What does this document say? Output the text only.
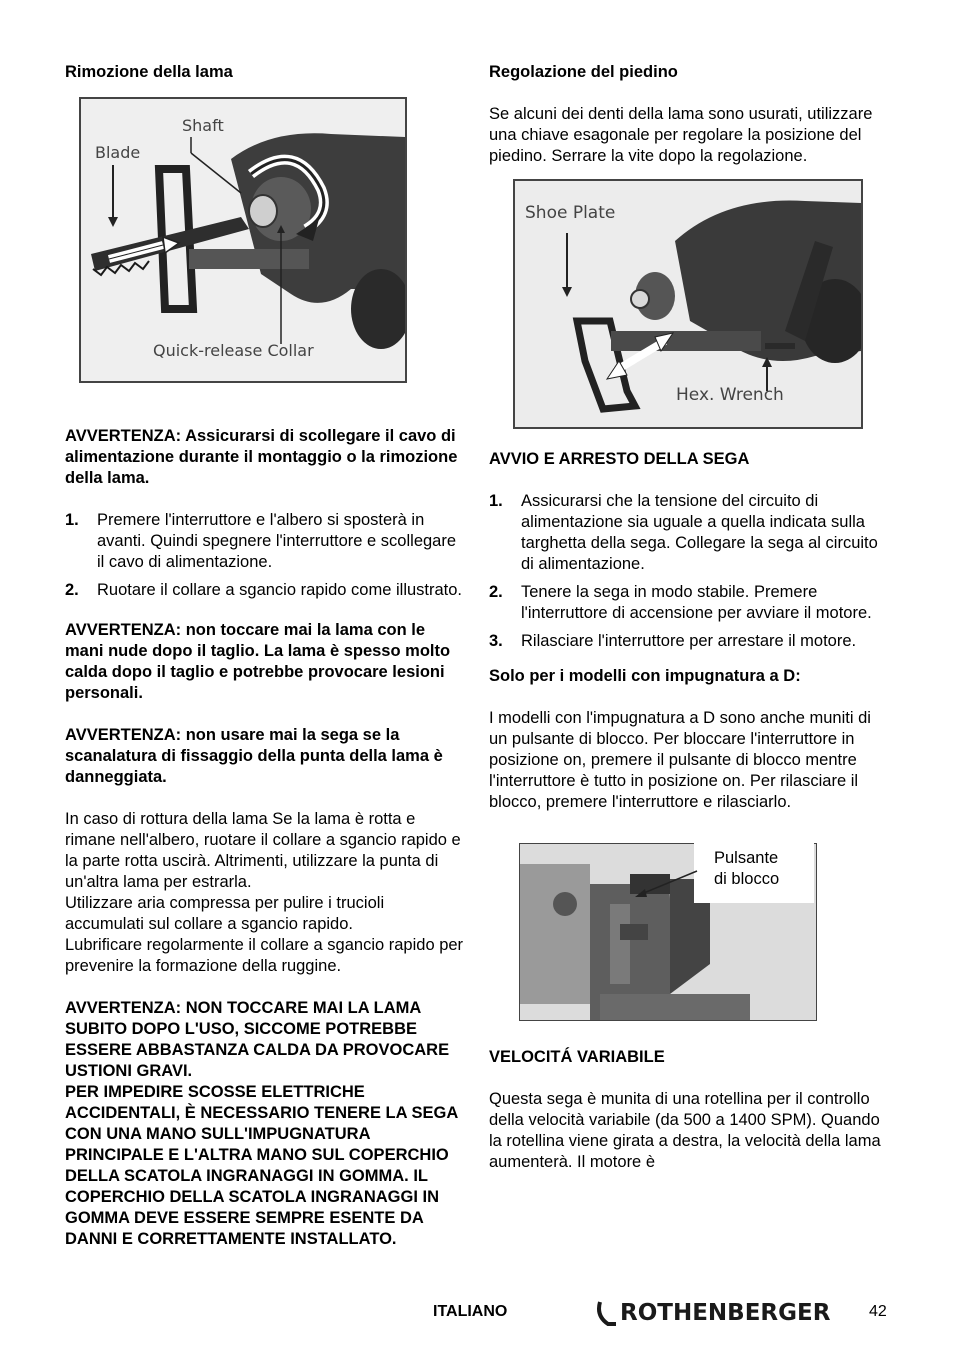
Rimozione della lama
Shaft
Blade
Quick-release Collar

AVVERTENZA: Assicurarsi di scollegare il cavo di alimentazione durante il montaggio o la rimozione della lama.

1. Premere l'interruttore e l'albero si sposterà in avanti. Quindi spegnere l'interruttore e scollegare il cavo di alimentazione.
2. Ruotare il collare a sgancio rapido come illustrato.

AVVERTENZA: non toccare mai la lama con le mani nude dopo il taglio. La lama è spesso molto calda dopo il taglio e potrebbe provocare lesioni personali.

AVVERTENZA: non usare mai la sega se la scanalatura di fissaggio della punta della lama è danneggiata.

In caso di rottura della lama Se la lama è rotta e rimane nell'albero, ruotare il collare a sgancio rapido e la parte rotta uscirà. Altrimenti, utilizzare la punta di un'altra lama per estrarla.

Utilizzare aria compressa per pulire i trucioli accumulati sul collare a sgancio rapido.

Lubrificare regolarmente il collare a sgancio rapido per prevenire la formazione della ruggine.

AVVERTENZA: NON TOCCARE MAI LA LAMA SUBITO DOPO L'USO, SICCOME POTREBBE ESSERE ABBASTANZA CALDA DA PROVOCARE USTIONI GRAVI.

PER IMPEDIRE SCOSSE ELETTRICHE ACCIDENTALI, È NECESSARIO TENERE LA SEGA CON UNA MANO SULL'IMPUGNATURA PRINCIPALE E L'ALTRA MANO SUL COPERCHIO DELLA SCATOLA INGRANAGGI IN GOMMA. IL COPERCHIO DELLA SCATOLA INGRANAGGI IN GOMMA DEVE ESSERE SEMPRE ESENTE DA DANNI E CORRETTAMENTE INSTALLATO.

Regolazione del piedino

Se alcuni dei denti della lama sono usurati, utilizzare una chiave esagonale per regolare la posizione del piedino. Serrare la vite dopo la regolazione.

Shoe Plate
Hex. Wrench
AVVIO E ARRESTO DELLA SEGA
1. Assicurarsi che la tensione del circuito di alimentazione sia uguale a quella indicata sulla targhetta della sega. Collegare la sega al circuito di alimentazione.
2. Tenere la sega in modo stabile. Premere l'interruttore di accensione per avviare il motore.
3. Rilasciare l'interruttore per arrestare il motore.
Solo per i modelli con impugnatura a D:

I modelli con l'impugnatura a D sono anche muniti di un pulsante di blocco. Per bloccare l'interruttore in posizione on, premere il pulsante di blocco mentre l'interruttore è tutto in posizione on. Per rilasciare il blocco, premere l'interruttore e rilasciarlo.

Pulsante
di blocco
VELOCITÁ VARIABILE

Questa sega è munita di una rotellina per il controllo della velocità variabile (da 500 a 1400 SPM). Quando la rotellina viene girata a destra, la velocità della lama aumenterà. Il motore è

ITALIANO	ROTHENBERGER 42
